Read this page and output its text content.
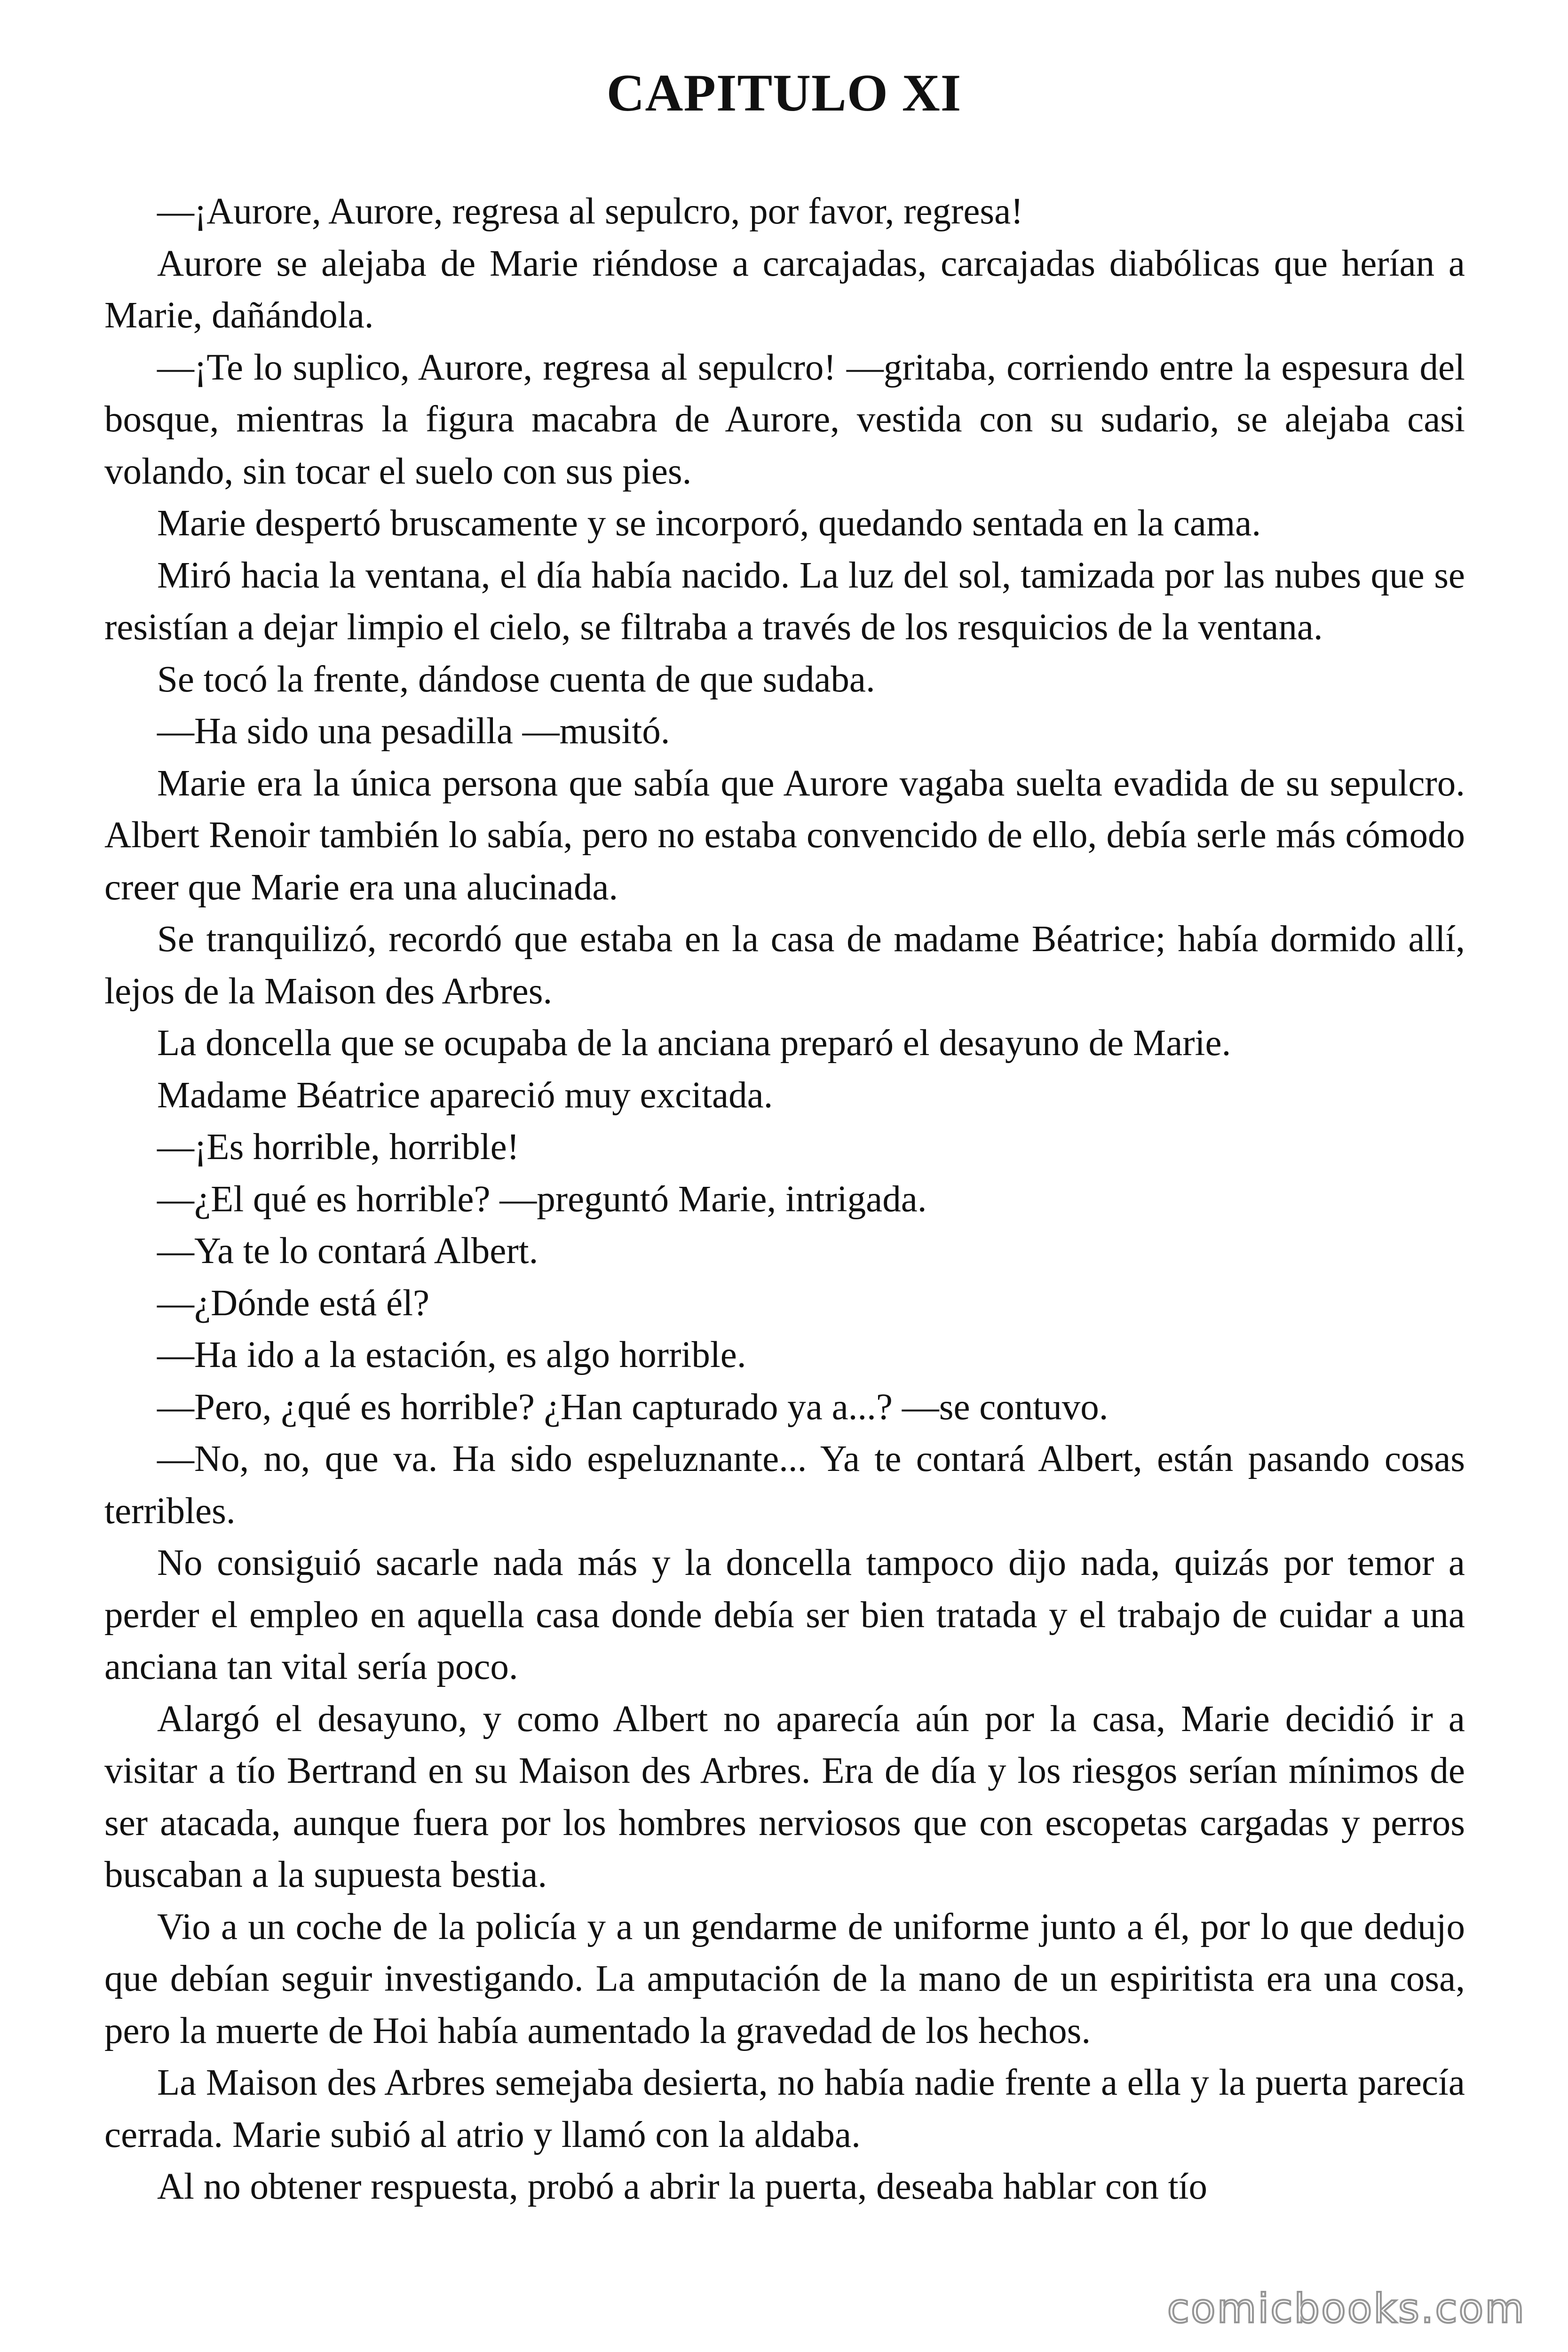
CAPITULO XI

—¡Aurore, Aurore, regresa al sepulcro, por favor, regresa!

Aurore se alejaba de Marie riéndose a carcajadas, carcajadas diabólicas que herían a Marie, dañándola.

—¡Te lo suplico, Aurore, regresa al sepulcro! —gritaba, corriendo entre la espesura del bosque, mientras la figura macabra de Aurore, vestida con su sudario, se alejaba casi volando, sin tocar el suelo con sus pies.

Marie despertó bruscamente y se incorporó, quedando sentada en la cama.

Miró hacia la ventana, el día había nacido. La luz del sol, tamizada por las nubes que se resistían a dejar limpio el cielo, se filtraba a través de los resquicios de la ventana.

Se tocó la frente, dándose cuenta de que sudaba.

—Ha sido una pesadilla —musitó.

Marie era la única persona que sabía que Aurore vagaba suelta evadida de su sepulcro. Albert Renoir también lo sabía, pero no estaba convencido de ello, debía serle más cómodo creer que Marie era una alucinada.

Se tranquilizó, recordó que estaba en la casa de madame Béatrice; había dormido allí, lejos de la Maison des Arbres.

La doncella que se ocupaba de la anciana preparó el desayuno de Marie.

Madame Béatrice apareció muy excitada.

—¡Es horrible, horrible!

—¿El qué es horrible? —preguntó Marie, intrigada.

—Ya te lo contará Albert.

—¿Dónde está él?

—Ha ido a la estación, es algo horrible.

—Pero, ¿qué es horrible? ¿Han capturado ya a...? —se contuvo.

—No, no, que va. Ha sido espeluznante... Ya te contará Albert, están pasando cosas terribles.

No consiguió sacarle nada más y la doncella tampoco dijo nada, quizás por temor a perder el empleo en aquella casa donde debía ser bien tratada y el trabajo de cuidar a una anciana tan vital sería poco.

Alargó el desayuno, y como Albert no aparecía aún por la casa, Marie decidió ir a visitar a tío Bertrand en su Maison des Arbres. Era de día y los riesgos serían mínimos de ser atacada, aunque fuera por los hombres nerviosos que con escopetas cargadas y perros buscaban a la supuesta bestia.

Vio a un coche de la policía y a un gendarme de uniforme junto a él, por lo que dedujo que debían seguir investigando. La amputación de la mano de un espiritista era una cosa, pero la muerte de Hoi había aumentado la gravedad de los hechos.

La Maison des Arbres semejaba desierta, no había nadie frente a ella y la puerta parecía cerrada. Marie subió al atrio y llamó con la aldaba.

Al no obtener respuesta, probó a abrir la puerta, deseaba hablar con tío

comicbooks.com
